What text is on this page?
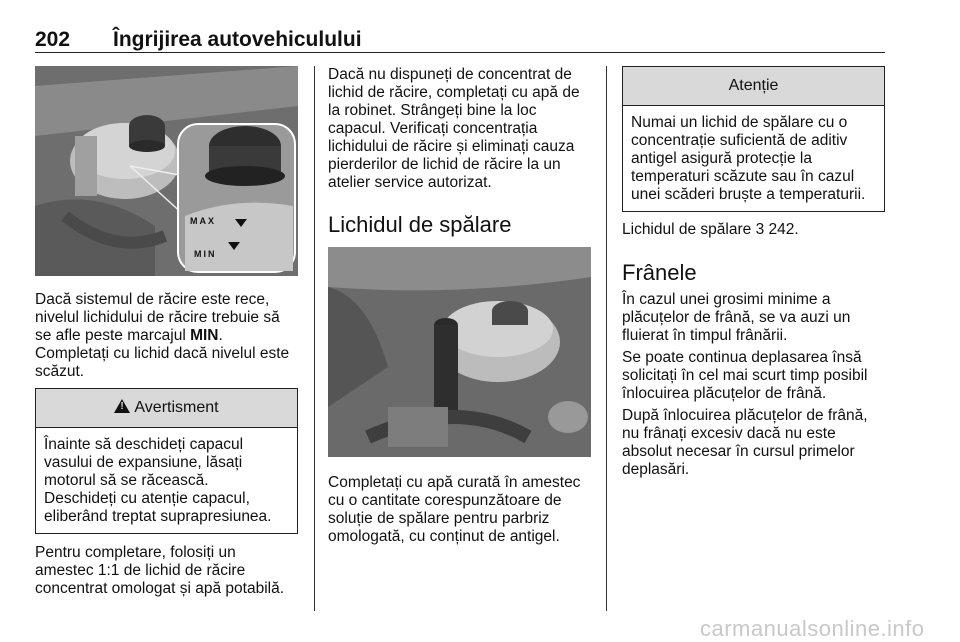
202 Îngrijirea autovehiculului
MAX
MIN
Dacă sistemul de răcire este rece,
nivelul lichidului de răcire trebuie să
se afle peste marcajul MIN.
Completați cu lichid dacă nivelul este
scăzut.
!Avertisment
Înainte să deschideți capacul
vasului de expansiune, lăsați
motorul să se răcească.
Deschideți cu atenție capacul,
eliberând treptat suprapresiunea.
Pentru completare, folosiți un
amestec 1:1 de lichid de răcire
concentrat omologat și apă potabilă.
Dacă nu dispuneți de concentrat de
lichid de răcire, completați cu apă de
la robinet. Strângeți bine la loc
capacul. Verificați concentrația
lichidului de răcire și eliminați cauza
pierderilor de lichid de răcire la un
atelier service autorizat.
Lichidul de spălare
Completați cu apă curată în amestec
cu o cantitate corespunzătoare de
soluție de spălare pentru parbriz
omologată, cu conținut de antigel.
Atenție
Numai un lichid de spălare cu o
concentrație suficientă de aditiv
antigel asigură protecție la
temperaturi scăzute sau în cazul
unei scăderi bruște a temperaturii.
Lichidul de spălare 3 242.
Frânele
În cazul unei grosimi minime a
plăcuțelor de frână, se va auzi un
fluierat în timpul frânării.
Se poate continua deplasarea însă
solicitați în cel mai scurt timp posibil
înlocuirea plăcuțelor de frână.
După înlocuirea plăcuțelor de frână,
nu frânați excesiv dacă nu este
absolut necesar în cursul primelor
deplasări.
carmanualsonline.info
